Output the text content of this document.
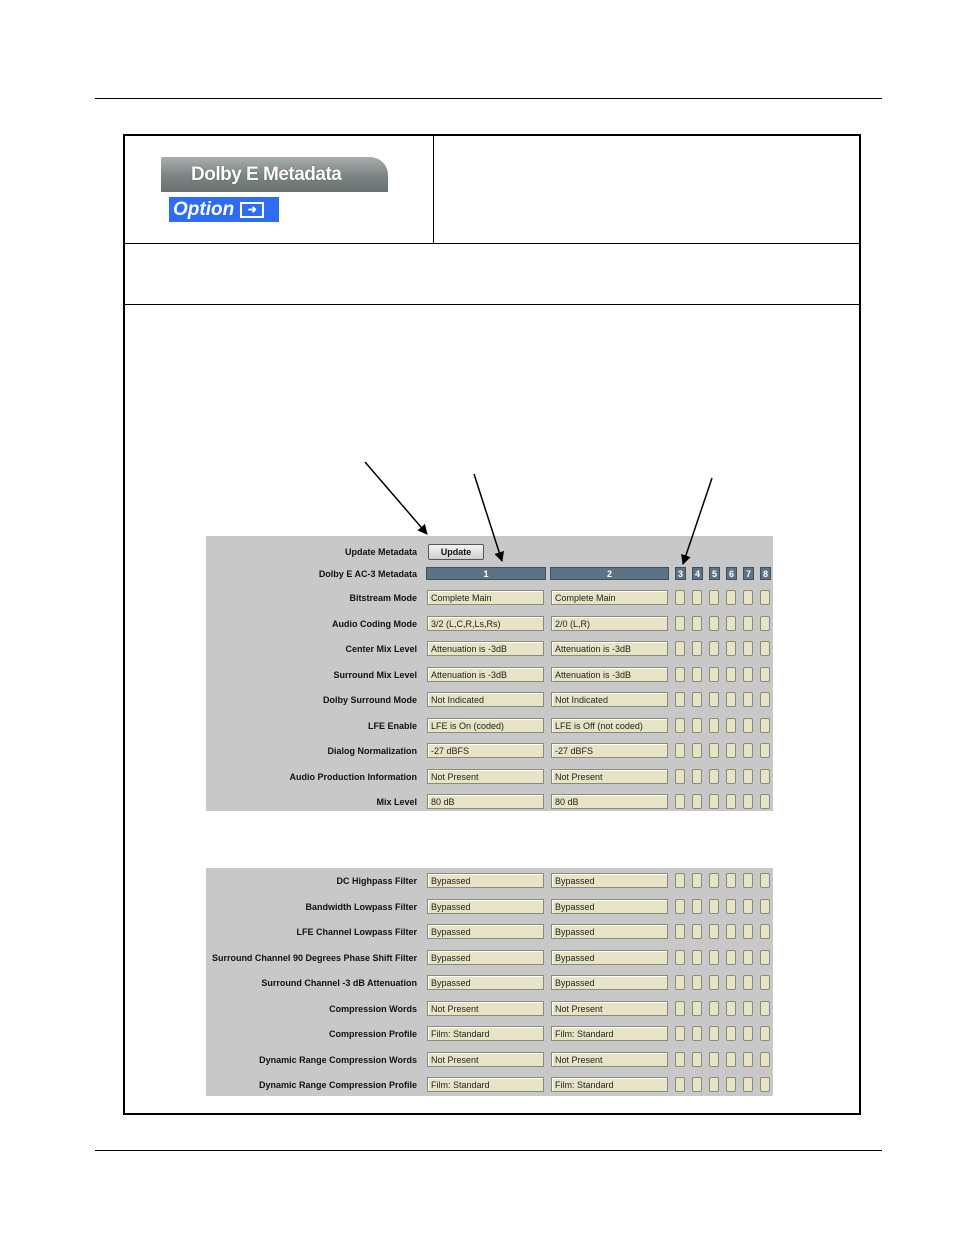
Dolby E Metadata
Option	➜
Update Metadata	Update
Dolby E AC-3 Metadata	1	2	3	4	5	6	7	8
Bitstream Mode	Complete Main	Complete Main
Audio Coding Mode	3/2 (L,C,R,Ls,Rs)	2/0 (L,R)
Center Mix Level	Attenuation is -3dB	Attenuation is -3dB
Surround Mix Level	Attenuation is -3dB	Attenuation is -3dB
Dolby Surround Mode	Not Indicated	Not Indicated
LFE Enable	LFE is On (coded)	LFE is Off (not coded)
Dialog Normalization	-27 dBFS	-27 dBFS
Audio Production Information	Not Present	Not Present
Mix Level	80 dB	80 dB
DC Highpass Filter	Bypassed	Bypassed
Bandwidth Lowpass Filter	Bypassed	Bypassed
LFE Channel Lowpass Filter	Bypassed	Bypassed
Surround Channel 90 Degrees Phase Shift Filter	Bypassed	Bypassed
Surround Channel -3 dB Attenuation	Bypassed	Bypassed
Compression Words	Not Present	Not Present
Compression Profile	Film: Standard	Film: Standard
Dynamic Range Compression Words	Not Present	Not Present
Dynamic Range Compression Profile	Film: Standard	Film: Standard
